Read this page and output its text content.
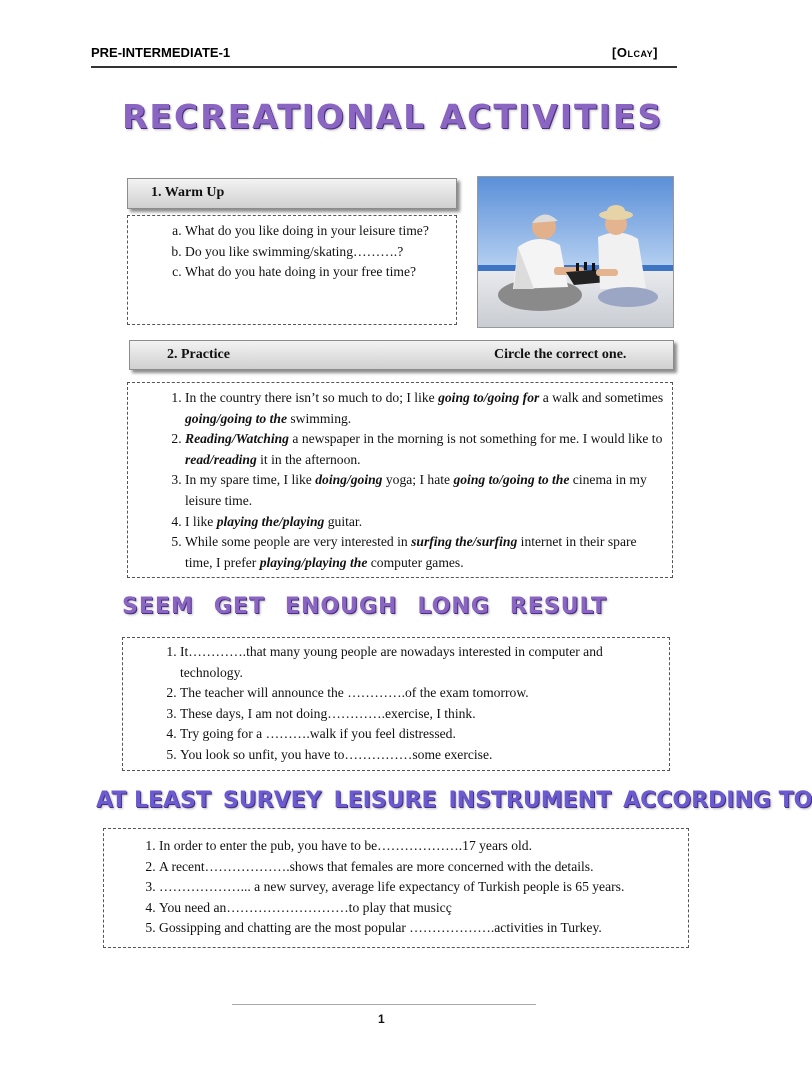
PRE-INTERMEDIATE-1	[Olcay]
RECREATIONAL ACTIVITIES
1. Warm Up
a. What do you like doing in your leisure time?
b. Do you like swimming/skating……….?
c. What do you hate doing in your free time?
2. Practice	Circle the correct one.
1. In the country there isn’t so much to do; I like going to/going for a walk and sometimes going/going to the swimming.
2. Reading/Watching a newspaper in the morning is not something for me. I would like to read/reading it in the afternoon.
3. In my spare time, I like doing/going yoga; I hate going to/going to the cinema in my leisure time.
4. I like playing the/playing guitar.
5. While some people are very interested in surfing the/surfing internet in their spare time, I prefer playing/playing the computer games.
SEEM GET ENOUGH LONG RESULT
1. It………….that many young people are nowadays interested in computer and technology.
2. The teacher will announce the ………….of the exam tomorrow.
3. These days, I am not doing………….exercise, I think.
4. Try going for a ……….walk if you feel distressed.
5. You look so unfit, you have to……………some exercise.
AT LEAST SURVEY LEISURE INSTRUMENT ACCORDING TO
1. In order to enter the pub, you have to be……………….17 years old.
2. A recent……………….shows that females are more concerned with the details.
3. ………………... a new survey, average life expectancy of Turkish people is 65 years.
4. You need an………………………to play that musicç
5. Gossipping and chatting are the most popular ……………….activities in Turkey.
1
